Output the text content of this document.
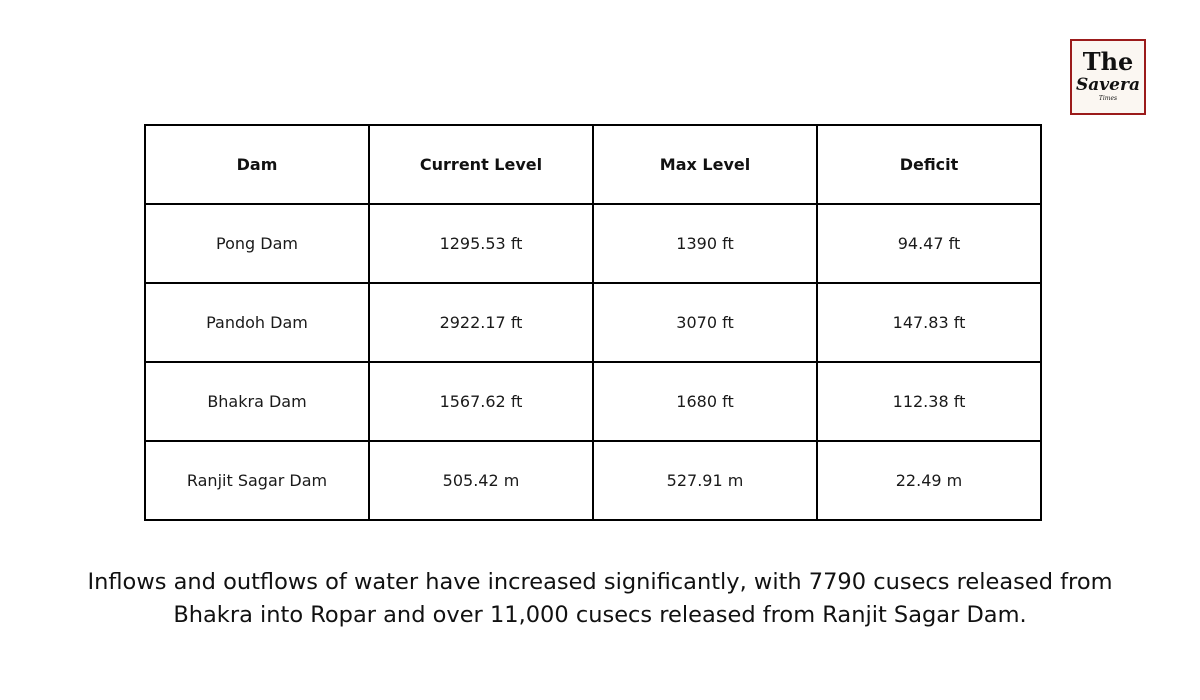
The
Savera
Times
Dam	Current Level	Max Level	Deficit
Pong Dam	1295.53 ft	1390 ft	94.47 ft
Pandoh Dam	2922.17 ft	3070 ft	147.83 ft
Bhakra Dam	1567.62 ft	1680 ft	112.38 ft
Ranjit Sagar Dam	505.42 m	527.91 m	22.49 m

Inflows and outflows of water have increased significantly, with 7790 cusecs released from
Bhakra into Ropar and over 11,000 cusecs released from Ranjit Sagar Dam.
